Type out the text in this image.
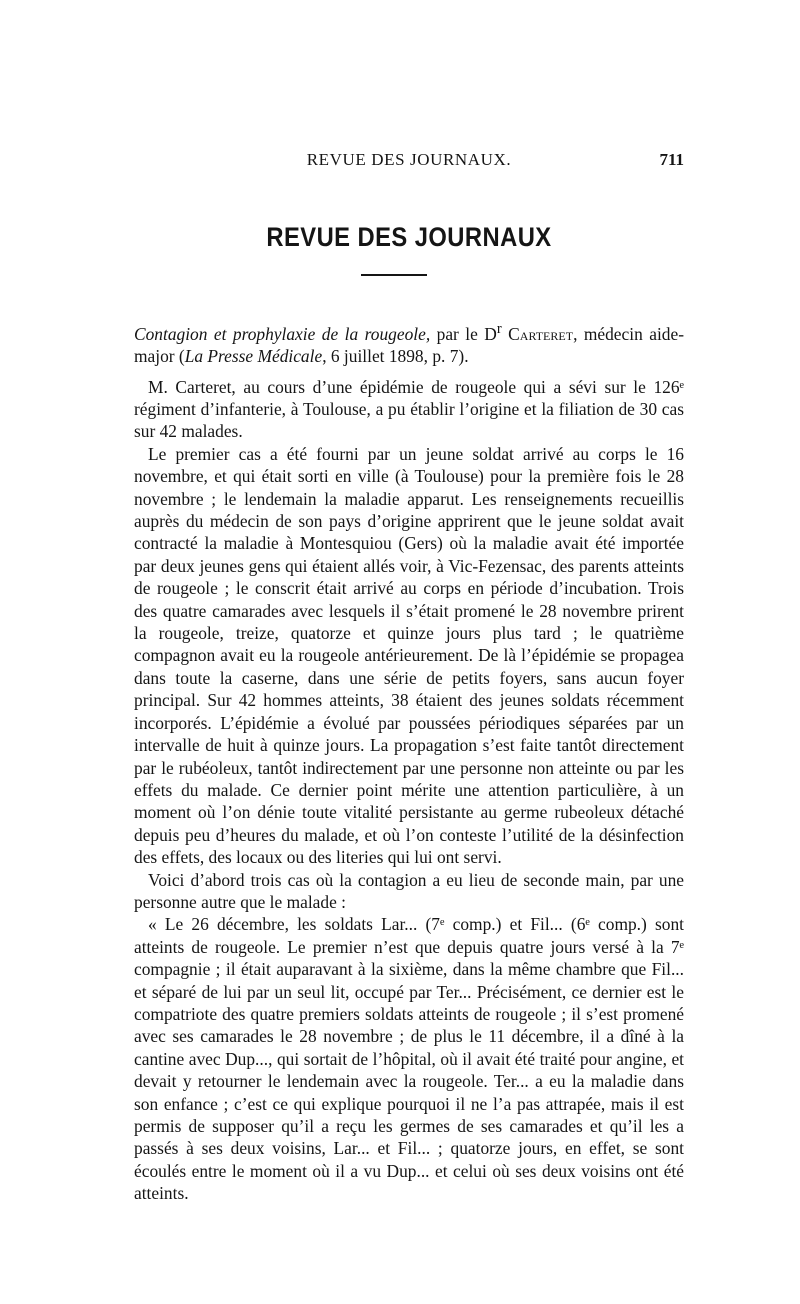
REVUE DES JOURNAUX.	711
REVUE DES JOURNAUX

Contagion et prophylaxie de la rougeole, par le $D^r$ Carteret, médecin aide-major (La Presse Médicale, 6 juillet 1898, p. 7).

M. Carteret, au cours d’une épidémie de rougeole qui a sévi sur le 126ᵉ régiment d’infanterie, à Toulouse, a pu établir l’origine et la filiation de 30 cas sur 42 malades.

Le premier cas a été fourni par un jeune soldat arrivé au corps le 16 novembre, et qui était sorti en ville (à Toulouse) pour la première fois le 28 novembre ; le lendemain la maladie apparut. Les renseignements recueillis auprès du médecin de son pays d’origine apprirent que le jeune soldat avait contracté la maladie à Montesquiou (Gers) où la maladie avait été importée par deux jeunes gens qui étaient allés voir, à Vic-Fezensac, des parents atteints de rougeole ; le conscrit était arrivé au corps en période d’incubation. Trois des quatre camarades avec lesquels il s’était promené le 28 novembre prirent la rougeole, treize, quatorze et quinze jours plus tard ; le quatrième compagnon avait eu la rougeole antérieurement. De là l’épidémie se propagea dans toute la caserne, dans une série de petits foyers, sans aucun foyer principal. Sur 42 hommes atteints, 38 étaient des jeunes soldats récemment incorporés. L’épidémie a évolué par poussées périodiques séparées par un intervalle de huit à quinze jours. La propagation s’est faite tantôt directement par le rubéoleux, tantôt indirectement par une personne non atteinte ou par les effets du malade. Ce dernier point mérite une attention particulière, à un moment où l’on dénie toute vitalité persistante au germe rubeoleux détaché depuis peu d’heures du malade, et où l’on conteste l’utilité de la désinfection des effets, des locaux ou des literies qui lui ont servi.

Voici d’abord trois cas où la contagion a eu lieu de seconde main, par une personne autre que le malade :

« Le 26 décembre, les soldats Lar... (7ᵉ comp.) et Fil... (6ᵉ comp.) sont atteints de rougeole. Le premier n’est que depuis quatre jours versé à la 7ᵉ compagnie ; il était auparavant à la sixième, dans la même chambre que Fil... et séparé de lui par un seul lit, occupé par Ter... Précisément, ce dernier est le compatriote des quatre premiers soldats atteints de rougeole ; il s’est promené avec ses camarades le 28 novembre ; de plus le 11 décembre, il a dîné à la cantine avec Dup..., qui sortait de l’hôpital, où il avait été traité pour angine, et devait y retourner le lendemain avec la rougeole. Ter... a eu la maladie dans son enfance ; c’est ce qui explique pourquoi il ne l’a pas attrapée, mais il est permis de supposer qu’il a reçu les germes de ses camarades et qu’il les a passés à ses deux voisins, Lar... et Fil... ; quatorze jours, en effet, se sont écoulés entre le moment où il a vu Dup... et celui où ses deux voisins ont été atteints.
